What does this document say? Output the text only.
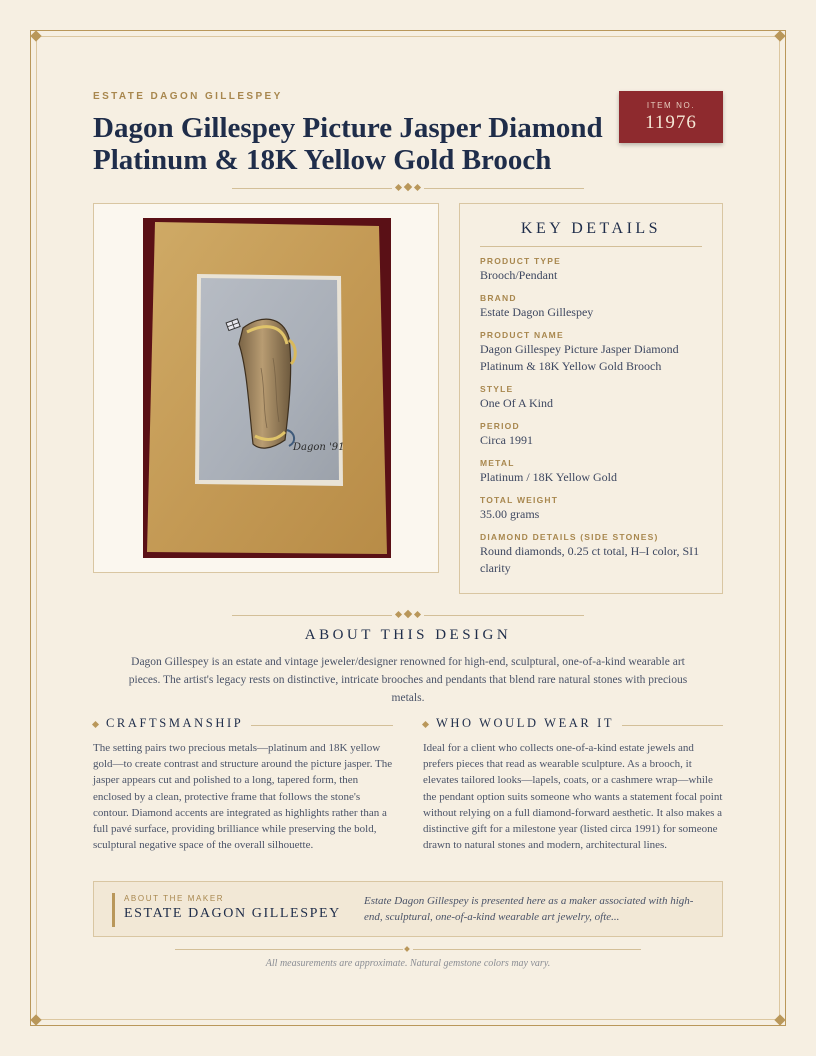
ESTATE DAGON GILLESPEY
Dagon Gillespey Picture Jasper Diamond Platinum & 18K Yellow Gold Brooch
ITEM NO.
11976
Dagon '91
KEY DETAILS
PRODUCT TYPE
Brooch/Pendant
BRAND
Estate Dagon Gillespey
PRODUCT NAME
Dagon Gillespey Picture Jasper Diamond Platinum & 18K Yellow Gold Brooch
STYLE
One Of A Kind
PERIOD
Circa 1991
METAL
Platinum / 18K Yellow Gold
TOTAL WEIGHT
35.00 grams
DIAMOND DETAILS (SIDE STONES)
Round diamonds, 0.25 ct total, H–I color, SI1 clarity
ABOUT THIS DESIGN

Dagon Gillespey is an estate and vintage jeweler/designer renowned for high-end, sculptural, one-of-a-kind wearable art pieces. The artist's legacy rests on distinctive, intricate brooches and pendants that blend rare natural stones with precious metals.

CRAFTSMANSHIP

The setting pairs two precious metals—platinum and 18K yellow gold—to create contrast and structure around the picture jasper. The jasper appears cut and polished to a long, tapered form, then enclosed by a clean, protective frame that follows the stone's contour. Diamond accents are integrated as highlights rather than a full pavé surface, providing brilliance while preserving the bold, sculptural negative space of the overall silhouette.

WHO WOULD WEAR IT

Ideal for a client who collects one-of-a-kind estate jewels and prefers pieces that read as wearable sculpture. As a brooch, it elevates tailored looks—lapels, coats, or a cashmere wrap—while the pendant option suits someone who wants a statement focal point without relying on a full diamond-forward aesthetic. It also makes a distinctive gift for a milestone year (listed circa 1991) for someone drawn to natural stones and modern, architectural lines.

ABOUT THE MAKER
ESTATE DAGON GILLESPEY
Estate Dagon Gillespey is presented here as a maker associated with high-end, sculptural, one-of-a-kind wearable art jewelry, ofte...
All measurements are approximate. Natural gemstone colors may vary.
